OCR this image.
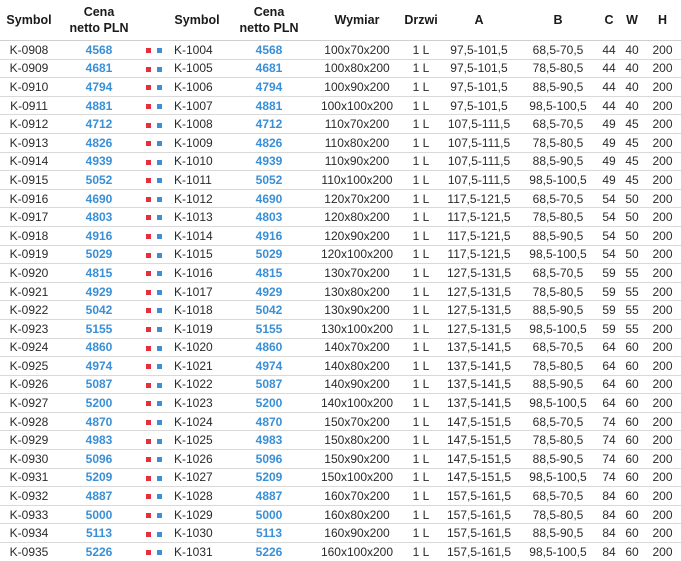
Symbol	Cena
netto PLN		Symbol	Cena
netto PLN	Wymiar	Drzwi	A	B	C	W	H
K-0908	4568		K-1004	4568	100x70x200	1 L	97,5-101,5	68,5-70,5	44	40	200
K-0909	4681		K-1005	4681	100x80x200	1 L	97,5-101,5	78,5-80,5	44	40	200
K-0910	4794		K-1006	4794	100x90x200	1 L	97,5-101,5	88,5-90,5	44	40	200
K-0911	4881		K-1007	4881	100x100x200	1 L	97,5-101,5	98,5-100,5	44	40	200
K-0912	4712		K-1008	4712	110x70x200	1 L	107,5-111,5	68,5-70,5	49	45	200
K-0913	4826		K-1009	4826	110x80x200	1 L	107,5-111,5	78,5-80,5	49	45	200
K-0914	4939		K-1010	4939	110x90x200	1 L	107,5-111,5	88,5-90,5	49	45	200
K-0915	5052		K-1011	5052	110x100x200	1 L	107,5-111,5	98,5-100,5	49	45	200
K-0916	4690		K-1012	4690	120x70x200	1 L	117,5-121,5	68,5-70,5	54	50	200
K-0917	4803		K-1013	4803	120x80x200	1 L	117,5-121,5	78,5-80,5	54	50	200
K-0918	4916		K-1014	4916	120x90x200	1 L	117,5-121,5	88,5-90,5	54	50	200
K-0919	5029		K-1015	5029	120x100x200	1 L	117,5-121,5	98,5-100,5	54	50	200
K-0920	4815		K-1016	4815	130x70x200	1 L	127,5-131,5	68,5-70,5	59	55	200
K-0921	4929		K-1017	4929	130x80x200	1 L	127,5-131,5	78,5-80,5	59	55	200
K-0922	5042		K-1018	5042	130x90x200	1 L	127,5-131,5	88,5-90,5	59	55	200
K-0923	5155		K-1019	5155	130x100x200	1 L	127,5-131,5	98,5-100,5	59	55	200
K-0924	4860		K-1020	4860	140x70x200	1 L	137,5-141,5	68,5-70,5	64	60	200
K-0925	4974		K-1021	4974	140x80x200	1 L	137,5-141,5	78,5-80,5	64	60	200
K-0926	5087		K-1022	5087	140x90x200	1 L	137,5-141,5	88,5-90,5	64	60	200
K-0927	5200		K-1023	5200	140x100x200	1 L	137,5-141,5	98,5-100,5	64	60	200
K-0928	4870		K-1024	4870	150x70x200	1 L	147,5-151,5	68,5-70,5	74	60	200
K-0929	4983		K-1025	4983	150x80x200	1 L	147,5-151,5	78,5-80,5	74	60	200
K-0930	5096		K-1026	5096	150x90x200	1 L	147,5-151,5	88,5-90,5	74	60	200
K-0931	5209		K-1027	5209	150x100x200	1 L	147,5-151,5	98,5-100,5	74	60	200
K-0932	4887		K-1028	4887	160x70x200	1 L	157,5-161,5	68,5-70,5	84	60	200
K-0933	5000		K-1029	5000	160x80x200	1 L	157,5-161,5	78,5-80,5	84	60	200
K-0934	5113		K-1030	5113	160x90x200	1 L	157,5-161,5	88,5-90,5	84	60	200
K-0935	5226		K-1031	5226	160x100x200	1 L	157,5-161,5	98,5-100,5	84	60	200
